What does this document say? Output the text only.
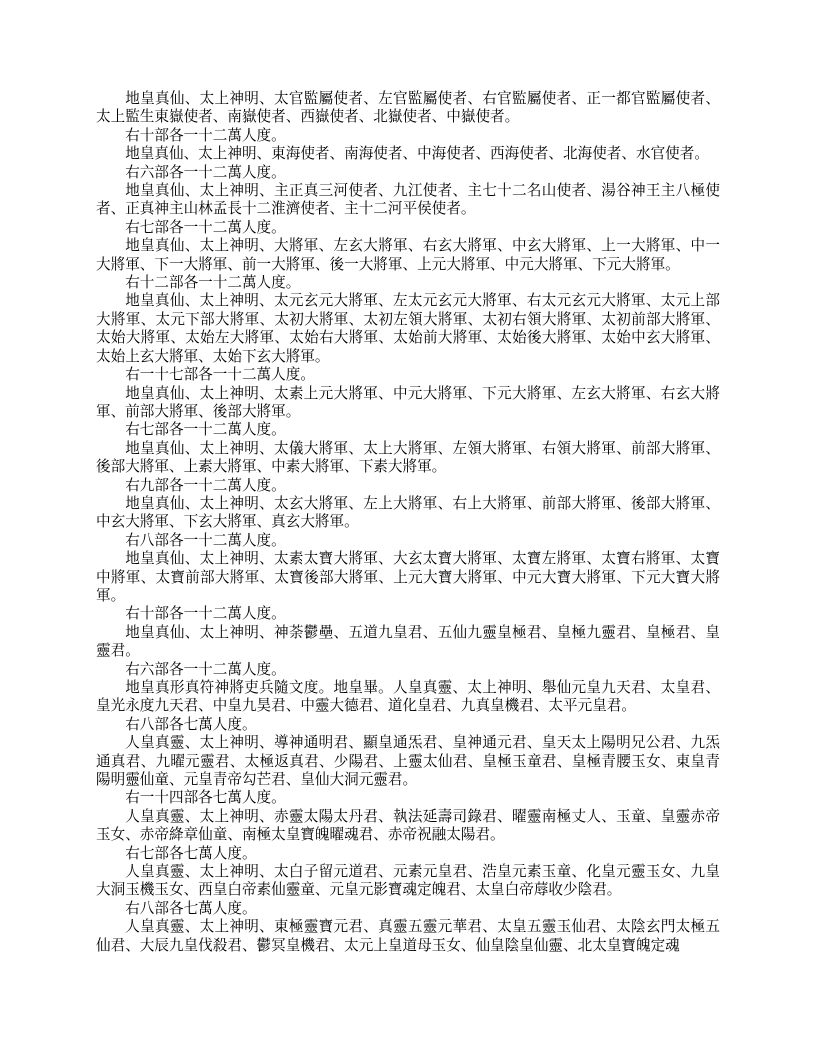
地皇真仙、太上神明、太官監屬使者、左官監屬使者、右官監屬使者、正一都官監屬使者、太上監生東嶽使者、南嶽使者、西嶽使者、北嶽使者、中嶽使者。

右十部各一十二萬人度。

地皇真仙、太上神明、東海使者、南海使者、中海使者、西海使者、北海使者、水官使者。

右六部各一十二萬人度。

地皇真仙、太上神明、主正真三河使者、九江使者、主七十二名山使者、湯谷神王主八極使者、正真神主山林孟長十二淮濟使者、主十二河平侯使者。

右七部各一十二萬人度。

地皇真仙、太上神明、大將軍、左玄大將軍、右玄大將軍、中玄大將軍、上一大將軍、中一大將軍、下一大將軍、前一大將軍、後一大將軍、上元大將軍、中元大將軍、下元大將軍。

右十二部各一十二萬人度。

地皇真仙、太上神明、太元玄元大將軍、左太元玄元大將軍、右太元玄元大將軍、太元上部大將軍、太元下部大將軍、太初大將軍、太初左領大將軍、太初右領大將軍、太初前部大將軍、太始大將軍、太始左大將軍、太始右大將軍、太始前大將軍、太始後大將軍、太始中玄大將軍、太始上玄大將軍、太始下玄大將軍。

右一十七部各一十二萬人度。

地皇真仙、太上神明、太素上元大將軍、中元大將軍、下元大將軍、左玄大將軍、右玄大將軍、前部大將軍、後部大將軍。

右七部各一十二萬人度。

地皇真仙、太上神明、太儀大將軍、太上大將軍、左領大將軍、右領大將軍、前部大將軍、後部大將軍、上素大將軍、中素大將軍、下素大將軍。

右九部各一十二萬人度。

地皇真仙、太上神明、太玄大將軍、左上大將軍、右上大將軍、前部大將軍、後部大將軍、中玄大將軍、下玄大將軍、真玄大將軍。

右八部各一十二萬人度。

地皇真仙、太上神明、太素太寶大將軍、大玄太寶大將軍、太寶左將軍、太寶右將軍、太寶中將軍、太寶前部大將軍、太寶後部大將軍、上元大寶大將軍、中元大寶大將軍、下元大寶大將軍。

右十部各一十二萬人度。

地皇真仙、太上神明、神荼鬱壘、五道九皇君、五仙九靈皇極君、皇極九靈君、皇極君、皇靈君。

右六部各一十二萬人度。

地皇真形真符神將吏兵隨文度。地皇畢。人皇真靈、太上神明、舉仙元皇九天君、太皇君、皇光永度九天君、中皇九昊君、中靈大德君、道化皇君、九真皇機君、太平元皇君。

右八部各七萬人度。

人皇真靈、太上神明、導神通明君、顯皇通炁君、皇神通元君、皇天太上陽明兄公君、九炁通真君、九曜元靈君、太極返真君、少陽君、上靈太仙君、皇極玉童君、皇極青腰玉女、東皇青陽明靈仙童、元皇青帝勾芒君、皇仙大洞元靈君。

右一十四部各七萬人度。

人皇真靈、太上神明、赤靈太陽太丹君、執法延壽司錄君、曜靈南極丈人、玉童、皇靈赤帝玉女、赤帝絳章仙童、南極太皇寶魄曜魂君、赤帝祝融太陽君。

右七部各七萬人度。

人皇真靈、太上神明、太白子留元道君、元素元皇君、浩皇元素玉童、化皇元靈玉女、九皇大洞玉機玉女、西皇白帝素仙靈童、元皇元影寶魂定魄君、太皇白帝蓐收少陰君。

右八部各七萬人度。

人皇真靈、太上神明、東極靈寶元君、真靈五靈元華君、太皇五靈玉仙君、太陰玄門太極五仙君、大辰九皇伐殺君、鬱冥皇機君、太元上皇道母玉女、仙皇陰皇仙靈、北太皇寶魄定魂
